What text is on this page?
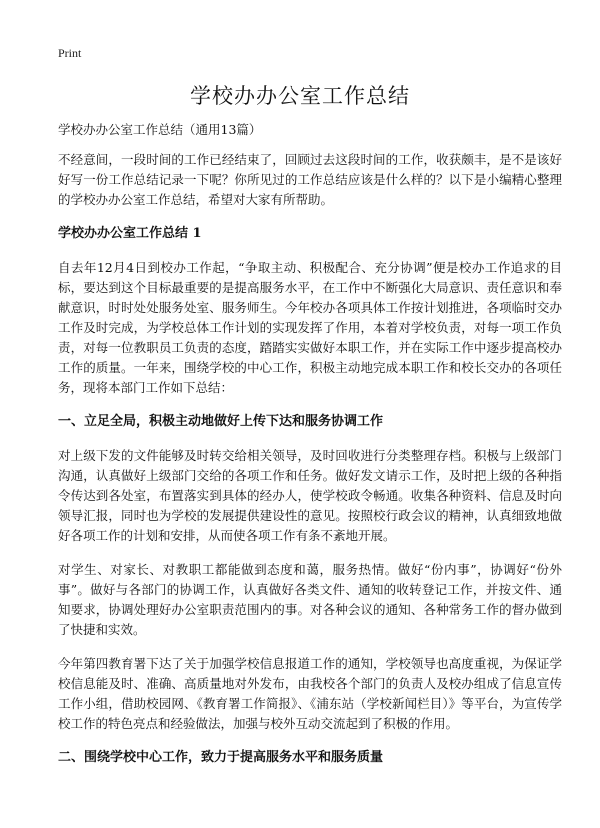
Print
学校办办公室工作总结

学校办办公室工作总结（通用13篇）

不经意间，一段时间的工作已经结束了，回顾过去这段时间的工作，收获颇丰，是不是该好好写一份工作总结记录一下呢？你所见过的工作总结应该是什么样的？以下是小编精心整理的学校办办公室工作总结，希望对大家有所帮助。

学校办办公室工作总结 1

自去年12月4日到校办工作起，“争取主动、积极配合、充分协调”便是校办工作追求的目标，要达到这个目标最重要的是提高服务水平，在工作中不断强化大局意识、责任意识和奉献意识，时时处处服务处室、服务师生。今年校办各项具体工作按计划推进，各项临时交办工作及时完成，为学校总体工作计划的实现发挥了作用，本着对学校负责，对每一项工作负责，对每一位教职员工负责的态度，踏踏实实做好本职工作，并在实际工作中逐步提高校办工作的质量。一年来，围绕学校的中心工作，积极主动地完成本职工作和校长交办的各项任务，现将本部门工作如下总结：

一、立足全局，积极主动地做好上传下达和服务协调工作

对上级下发的文件能够及时转交给相关领导，及时回收进行分类整理存档。积极与上级部门沟通，认真做好上级部门交给的各项工作和任务。做好发文请示工作，及时把上级的各种指令传达到各处室，布置落实到具体的经办人，使学校政令畅通。收集各种资料、信息及时向领导汇报，同时也为学校的发展提供建设性的意见。按照校行政会议的精神，认真细致地做好各项工作的计划和安排，从而使各项工作有条不紊地开展。

对学生、对家长、对教职工都能做到态度和蔼，服务热情。做好“份内事”，协调好“份外事”。做好与各部门的协调工作，认真做好各类文件、通知的收转登记工作，并按文件、通知要求，协调处理好办公室职责范围内的事。对各种会议的通知、各种常务工作的督办做到了快捷和实效。

今年第四教育署下达了关于加强学校信息报道工作的通知，学校领导也高度重视，为保证学校信息能及时、准确、高质量地对外发布，由我校各个部门的负责人及校办组成了信息宣传工作小组，借助校园网、《教育署工作简报》、《浦东站（学校新闻栏目）》等平台，为宣传学校工作的特色亮点和经验做法，加强与校外互动交流起到了积极的作用。

二、围绕学校中心工作，致力于提高服务水平和服务质量
